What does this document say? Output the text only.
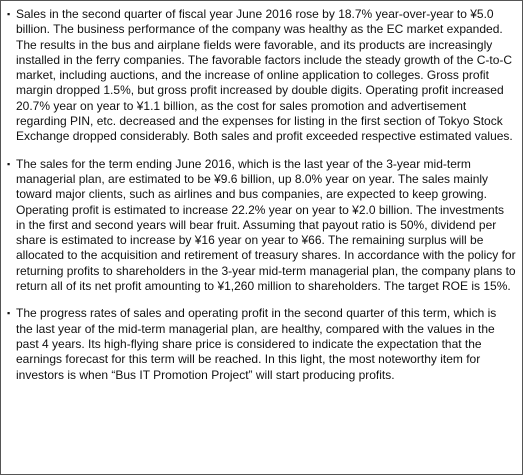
▪ Sales in the second quarter of fiscal year June 2016 rose by 18.7% year-over-year to ¥5.0 billion. The business performance of the company was healthy as the EC market expanded. The results in the bus and airplane fields were favorable, and its products are increasingly installed in the ferry companies. The favorable factors include the steady growth of the C-to-C market, including auctions, and the increase of online application to colleges. Gross profit margin dropped 1.5%, but gross profit increased by double digits. Operating profit increased 20.7% year on year to ¥1.1 billion, as the cost for sales promotion and advertisement regarding PIN, etc. decreased and the expenses for listing in the first section of Tokyo Stock Exchange dropped considerably. Both sales and profit exceeded respective estimated values.
▪ The sales for the term ending June 2016, which is the last year of the 3-year mid-term managerial plan, are estimated to be ¥9.6 billion, up 8.0% year on year. The sales mainly toward major clients, such as airlines and bus companies, are expected to keep growing. Operating profit is estimated to increase 22.2% year on year to ¥2.0 billion. The investments in the first and second years will bear fruit. Assuming that payout ratio is 50%, dividend per share is estimated to increase by ¥16 year on year to ¥66. The remaining surplus will be allocated to the acquisition and retirement of treasury shares. In accordance with the policy for returning profits to shareholders in the 3-year mid-term managerial plan, the company plans to return all of its net profit amounting to ¥1,260 million to shareholders. The target ROE is 15%.
▪ The progress rates of sales and operating profit in the second quarter of this term, which is the last year of the mid-term managerial plan, are healthy, compared with the values in the past 4 years. Its high-flying share price is considered to indicate the expectation that the earnings forecast for this term will be reached. In this light, the most noteworthy item for investors is when “Bus IT Promotion Project” will start producing profits.
